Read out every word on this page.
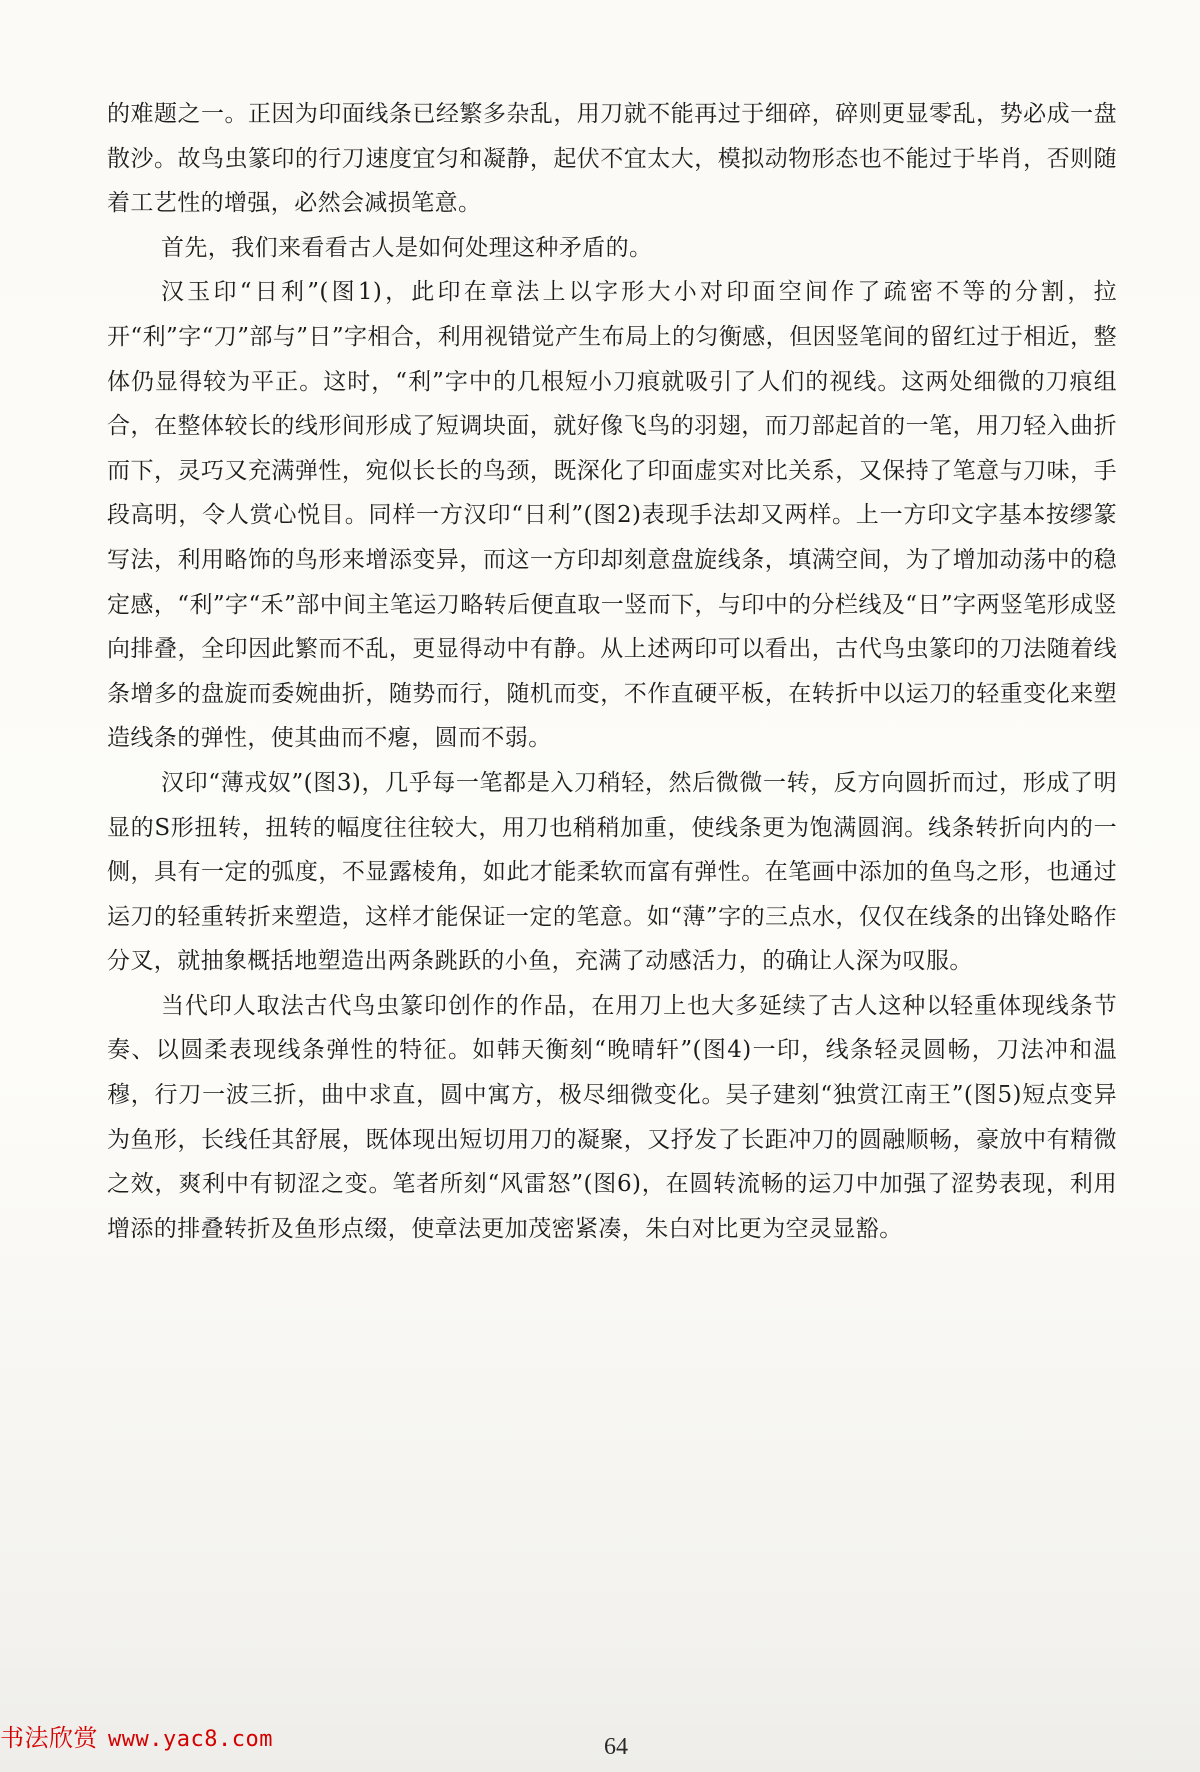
的难题之一。正因为印面线条已经繁多杂乱，用刀就不能再过于细碎，碎则更显零乱，势必成一盘散沙。故鸟虫篆印的行刀速度宜匀和凝静，起伏不宜太大，模拟动物形态也不能过于毕肖，否则随着工艺性的增强，必然会减损笔意。

首先，我们来看看古人是如何处理这种矛盾的。

汉玉印“日利”(图1)，此印在章法上以字形大小对印面空间作了疏密不等的分割，拉开“利”字“刀”部与”日”字相合，利用视错觉产生布局上的匀衡感，但因竖笔间的留红过于相近，整体仍显得较为平正。这时，“利”字中的几根短小刀痕就吸引了人们的视线。这两处细微的刀痕组合，在整体较长的线形间形成了短调块面，就好像飞鸟的羽翅，而刀部起首的一笔，用刀轻入曲折而下，灵巧又充满弹性，宛似长长的鸟颈，既深化了印面虚实对比关系，又保持了笔意与刀味，手段高明，令人赏心悦目。同样一方汉印“日利”(图2)表现手法却又两样。上一方印文字基本按缪篆写法，利用略饰的鸟形来增添变异，而这一方印却刻意盘旋线条，填满空间，为了增加动荡中的稳定感，“利”字“禾”部中间主笔运刀略转后便直取一竖而下，与印中的分栏线及“日”字两竖笔形成竖向排叠，全印因此繁而不乱，更显得动中有静。从上述两印可以看出，古代鸟虫篆印的刀法随着线条增多的盘旋而委婉曲折，随势而行，随机而变，不作直硬平板，在转折中以运刀的轻重变化来塑造线条的弹性，使其曲而不瘪，圆而不弱。

汉印“薄戎奴”(图3)，几乎每一笔都是入刀稍轻，然后微微一转，反方向圆折而过，形成了明显的S形扭转，扭转的幅度往往较大，用刀也稍稍加重，使线条更为饱满圆润。线条转折向内的一侧，具有一定的弧度，不显露棱角，如此才能柔软而富有弹性。在笔画中添加的鱼鸟之形，也通过运刀的轻重转折来塑造，这样才能保证一定的笔意。如“薄”字的三点水，仅仅在线条的出锋处略作分叉，就抽象概括地塑造出两条跳跃的小鱼，充满了动感活力，的确让人深为叹服。

当代印人取法古代鸟虫篆印创作的作品，在用刀上也大多延续了古人这种以轻重体现线条节奏、以圆柔表现线条弹性的特征。如韩天衡刻“晚晴轩”(图4)一印，线条轻灵圆畅，刀法冲和温穆，行刀一波三折，曲中求直，圆中寓方，极尽细微变化。吴子建刻“独赏江南王”(图5)短点变异为鱼形，长线任其舒展，既体现出短切用刀的凝聚，又抒发了长距冲刀的圆融顺畅，豪放中有精微之效，爽利中有韧涩之变。笔者所刻“风雷怒”(图6)，在圆转流畅的运刀中加强了涩势表现，利用增添的排叠转折及鱼形点缀，使章法更加茂密紧凑，朱白对比更为空灵显豁。

书法欣赏 www.yac8.com	64
